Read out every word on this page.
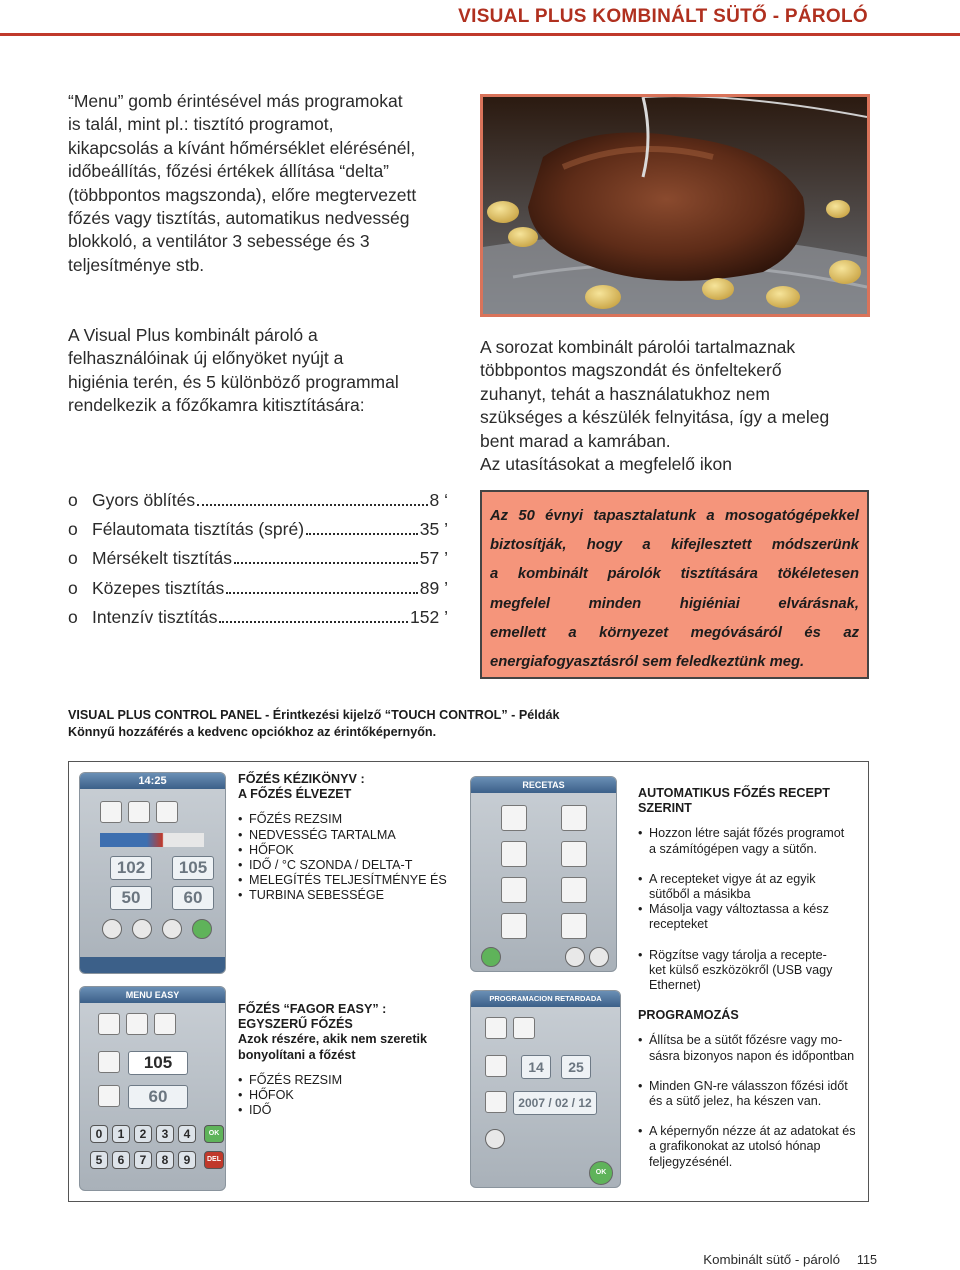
VISUAL PLUS KOMBINÁLT SÜTŐ - PÁROLÓ
“Menu” gomb érintésével más programokat
is talál, mint pl.: tisztító programot,
kikapcsolás a kívánt hőmérséklet elérésénél,
időbeállítás, főzési értékek állítása “delta”
(többpontos magszonda), előre megtervezett
főzés vagy tisztítás, automatikus nedvesség
blokkoló, a ventilátor 3 sebessége és 3
teljesítménye stb.
A Visual Plus kombinált pároló a
felhasználóinak új előnyöket nyújt a
higiénia terén, és 5 különböző programmal
rendelkezik a főzőkamra kitisztítására:
A sorozat kombinált párolói tartalmaznak
többpontos magszondát és önfeltekerő
zuhanyt, tehát a használatukhoz nem
szükséges a készülék felnyitása, így a meleg
bent marad a kamrában.
Az utasításokat a megfelelő ikon
o Gyors öblítés	8 ‘
o Félautomata tisztítás (spré)	35 ’
o Mérsékelt tisztítás	57 ’
o Közepes tisztítás	89 ’
o Intenzív tisztítás	152 ’
Az 50 évnyi tapasztalatunk a mosogatógépekkel
biztosítják, hogy a kifejlesztett módszerünk
a kombinált párolók tisztítására tökéletesen
megfelel minden higiéniai elvárásnak,
emellett a környezet megóvásáról és az
energiafogyasztásról sem feledkeztünk meg.
VISUAL PLUS CONTROL PANEL - Érintkezési kijelző “TOUCH CONTROL” - Példák
Könnyű hozzáférés a kedvenc opciókhoz az érintőképernyőn.
14:25
102	105
50	60
FŐZÉS KÉZIKÖNYV :
A FŐZÉS ÉLVEZET
• FŐZÉS REZSIM
• NEDVESSÉG TARTALMA
• HŐFOK
• IDŐ / °C SZONDA / DELTA-T
• MELEGÍTÉS TELJESÍTMÉNYE ÉS
• TURBINA SEBESSÉGE
RECETAS
AUTOMATIKUS FŐZÉS RECEPT
SZERINT
• Hozzon létre saját főzés programot
a számítógépen vagy a sütőn.
• A recepteket vigye át az egyik
sütőből a másikba
• Másolja vagy változtassa a kész
recepteket
• Rögzítse vagy tárolja a recepte-
ket külső eszközökről (USB vagy
Ethernet)
PROGRAMOZÁS
• Állítsa be a sütőt főzésre vagy mo-
sásra bizonyos napon és időpontban
• Minden GN-re válasszon főzési időt
és a sütő jelez, ha készen van.
• A képernyőn nézze át az adatokat és
a grafikonokat az utolsó hónap
feljegyzésénél.
MENU EASY
105
60
0	1	2	3	4
5	6	7	8	9
OK
DEL
FŐZÉS “FAGOR EASY” :
EGYSZERŰ FŐZÉS
Azok részére, akik nem szeretik
bonyolítani a főzést
• FŐZÉS REZSIM
• HŐFOK
• IDŐ
PROGRAMACION RETARDADA
14	25
2007 / 02 / 12
OK
Kombinált sütő - pároló 115
